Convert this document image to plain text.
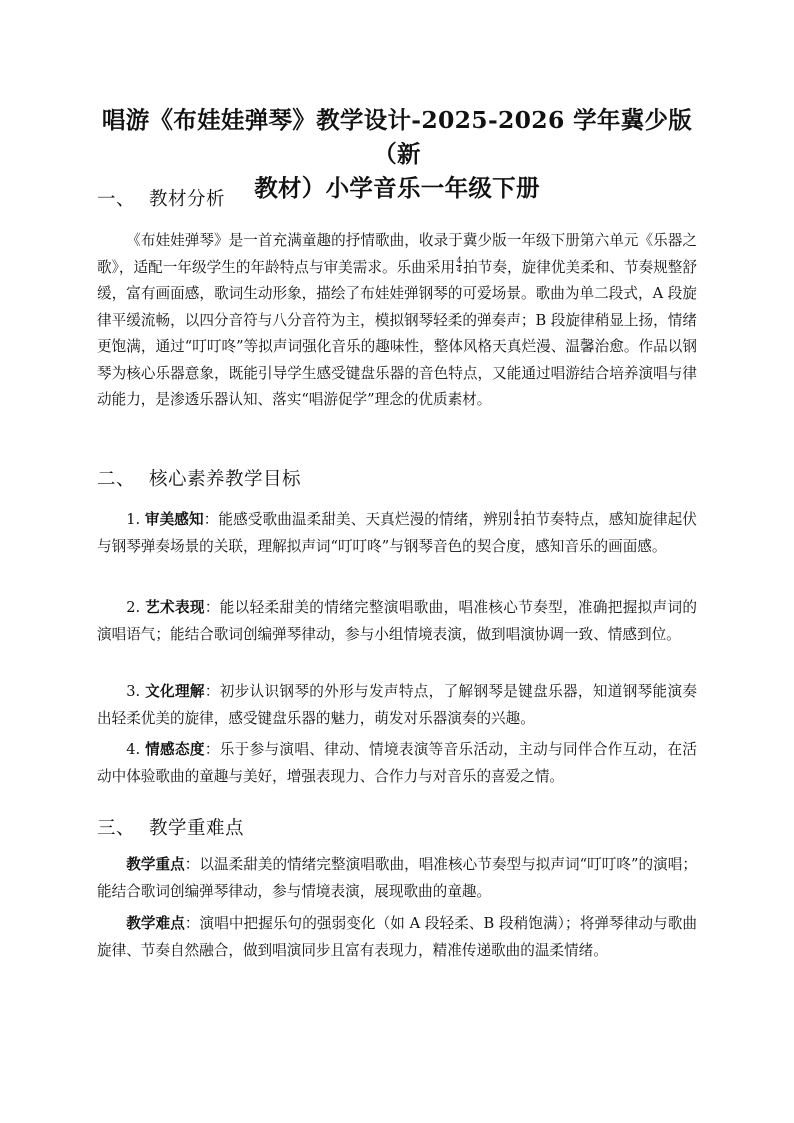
唱游《布娃娃弹琴》教学设计-2025-2026 学年冀少版（新
教材）小学音乐一年级下册
一、 教材分析

《布娃娃弹琴》是一首充满童趣的抒情歌曲，收录于冀少版一年级下册第六单元《乐器之歌》，适配一年级学生的年龄特点与审美需求。乐曲采用 $\frac{4}{4}$ 拍节奏，旋律优美柔和、节奏规整舒缓，富有画面感，歌词生动形象，描绘了布娃娃弹钢琴的可爱场景。歌曲为单二段式，A 段旋律平缓流畅，以四分音符与八分音符为主，模拟钢琴轻柔的弹奏声；B 段旋律稍显上扬，情绪更饱满，通过“叮叮咚”等拟声词强化音乐的趣味性，整体风格天真烂漫、温馨治愈。作品以钢琴为核心乐器意象，既能引导学生感受键盘乐器的音色特点，又能通过唱游结合培养演唱与律动能力，是渗透乐器认知、落实“唱游促学”理念的优质素材。

二、 核心素养教学目标

1. 审美感知：能感受歌曲温柔甜美、天真烂漫的情绪，辨别 $\frac{4}{4}$ 拍节奏特点，感知旋律起伏与钢琴弹奏场景的关联，理解拟声词“叮叮咚”与钢琴音色的契合度，感知音乐的画面感。

2. 艺术表现：能以轻柔甜美的情绪完整演唱歌曲，唱准核心节奏型，准确把握拟声词的演唱语气；能结合歌词创编弹琴律动，参与小组情境表演，做到唱演协调一致、情感到位。

3. 文化理解：初步认识钢琴的外形与发声特点，了解钢琴是键盘乐器，知道钢琴能演奏出轻柔优美的旋律，感受键盘乐器的魅力，萌发对乐器演奏的兴趣。

4. 情感态度：乐于参与演唱、律动、情境表演等音乐活动，主动与同伴合作互动，在活动中体验歌曲的童趣与美好，增强表现力、合作力与对音乐的喜爱之情。

三、 教学重难点

教学重点：以温柔甜美的情绪完整演唱歌曲，唱准核心节奏型与拟声词“叮叮咚”的演唱；能结合歌词创编弹琴律动，参与情境表演，展现歌曲的童趣。

教学难点：演唱中把握乐句的强弱变化（如 A 段轻柔、B 段稍饱满）；将弹琴律动与歌曲旋律、节奏自然融合，做到唱演同步且富有表现力，精准传递歌曲的温柔情绪。
